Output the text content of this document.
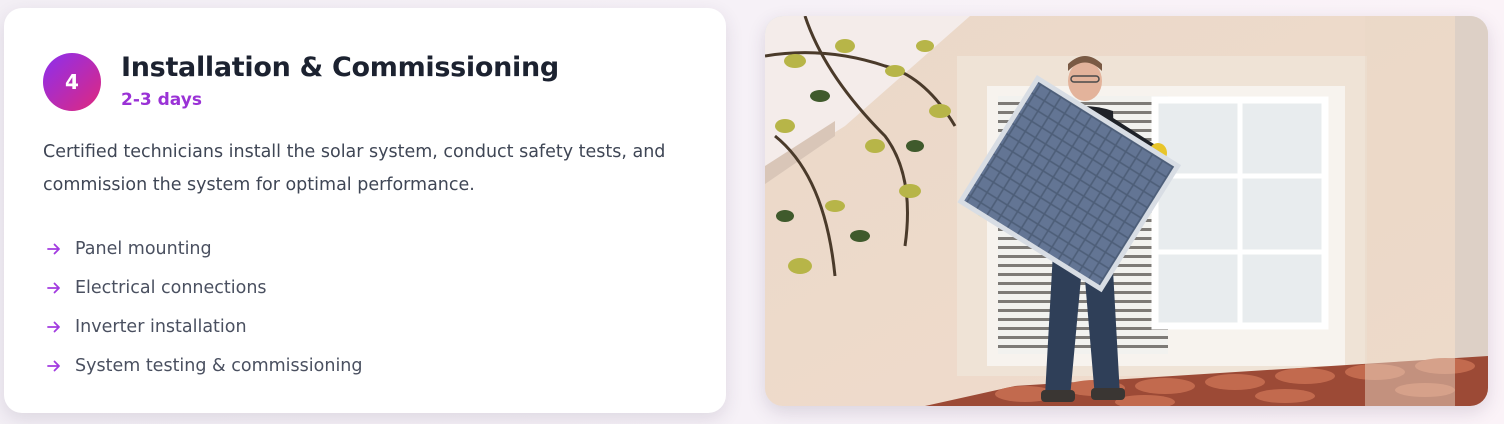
4 Installation & Commissioning
2-3 days

Certified technicians install the solar system, conduct safety tests, and commission the system for optimal performance.

Panel mounting
Electrical connections
Inverter installation
System testing & commissioning
